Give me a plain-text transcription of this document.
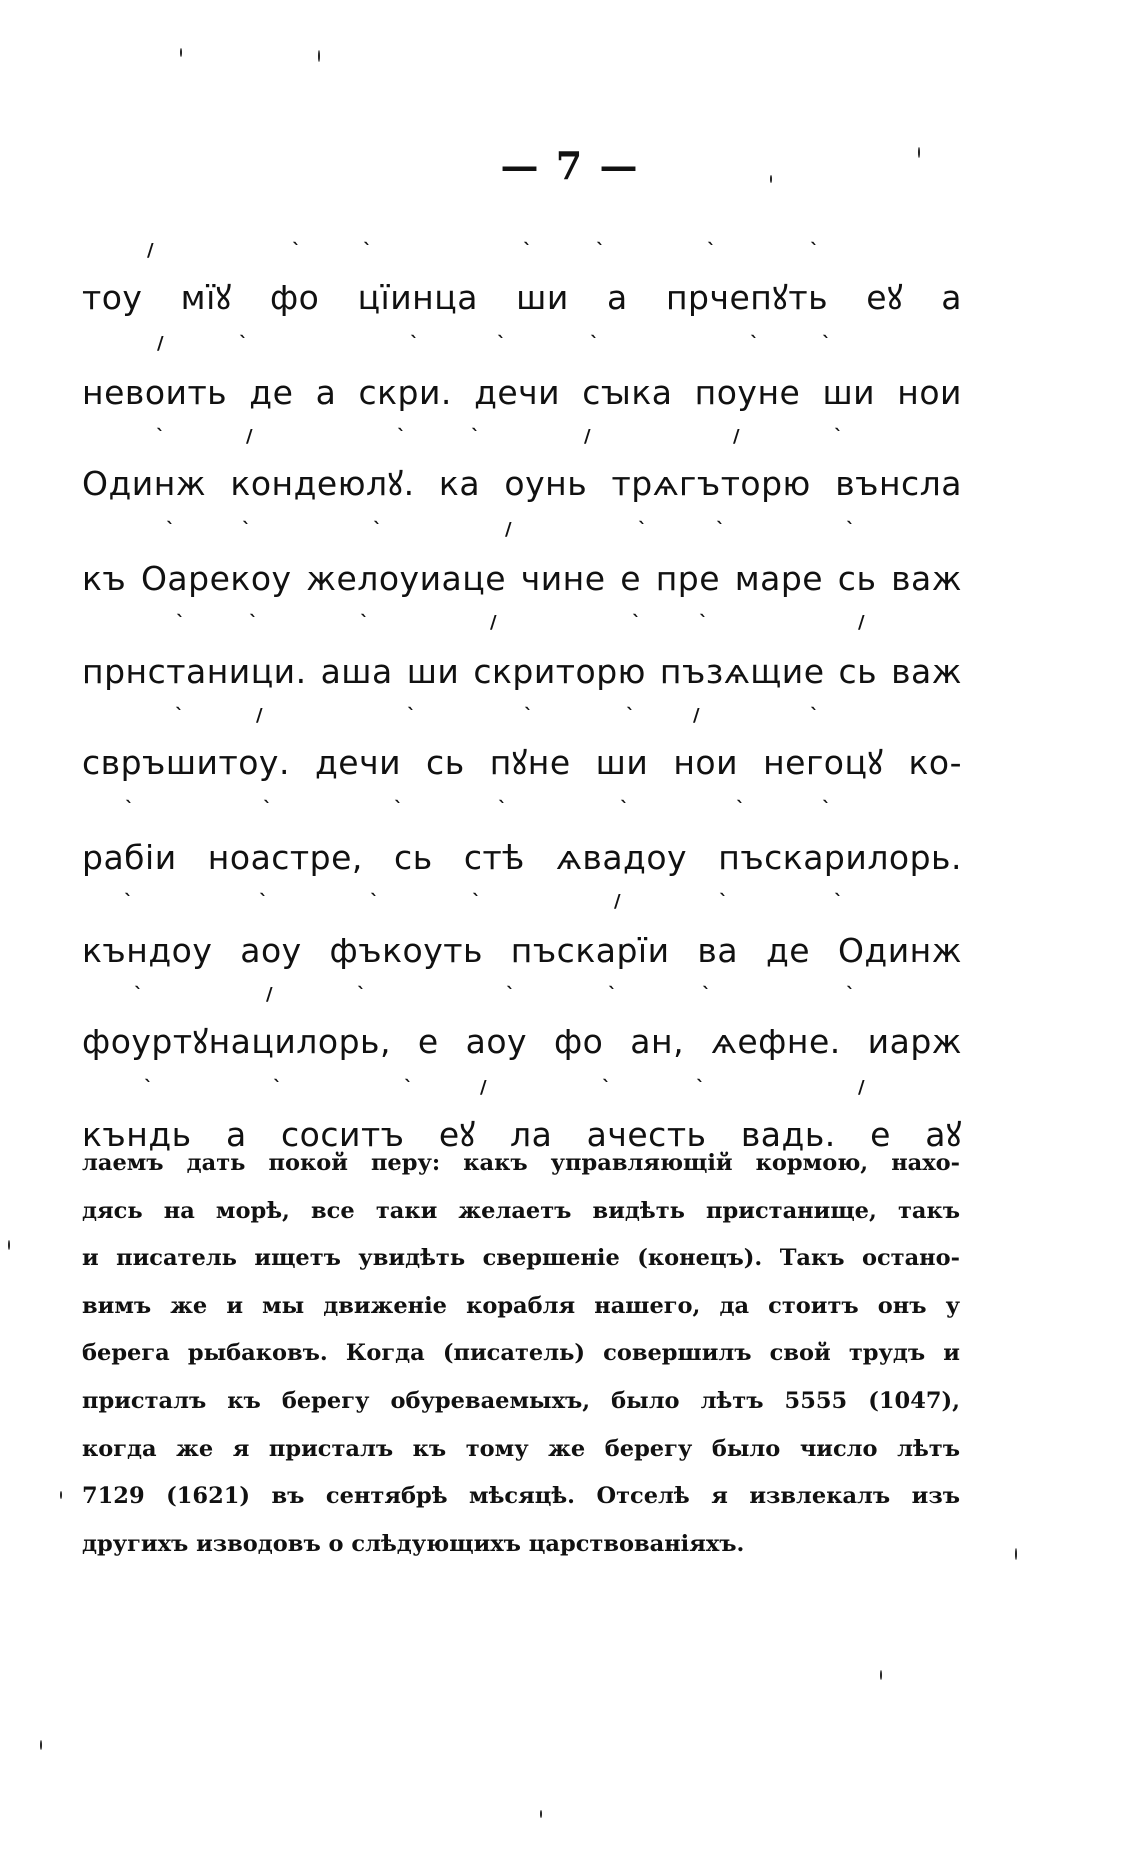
— 7 —
/	ˋ	ˋ	ˋ	ˋ	ˋ	ˋ
тоу мїꙋ фо цїинца ши а прчепꙋть еꙋ а
/	ˋ	ˋ	ˋ	ˋ	ˋ	ˋ
невоить де а скри. дечи сꙑка поуне ши нои
ˋ	/	ˋ	ˋ	/	/	ˋ
Одинж кондеюлꙋ. ка оунь трѧгъторю вънсла
ˋ	ˋ	ˋ	/	ˋ	ˋ	ˋ
къ Оарекоу желоуиаце чине е пре маре сь важ
ˋ	ˋ	ˋ	/	ˋ	ˋ	/
прнстаници. аша ши скриторю пъзѧщие сь важ
ˋ	/	ˋ	ˋ	ˋ	/	ˋ
свръшитоу. дечи сь пꙋне ши нои негоцꙋ ко-
ˋ	ˋ	ˋ	ˋ	ˋ	ˋ	ˋ
рабіи ноастре, сь стѣ ѧвадоу пъскарилорь.
ˋ	ˋ	ˋ	ˋ	/	ˋ	ˋ
къндоу аоу фъкоуть пъскарїи ва де Одинж
ˋ	/	ˋ	ˋ	ˋ	ˋ	ˋ
фоуртꙋнацилорь, е аоу фо ан, ѧефне. иарж
ˋ	ˋ	ˋ	/	ˋ	ˋ	/
къндь а соситъ еꙋ ла ачесть вадь. е аꙋ
лаемъ дать покой перу: какъ управляющій кормою, нахо-
дясь на морѣ, все таки желаетъ видѣть пристанище, такъ
и писатель ищетъ увидѣть свершеніе (конецъ). Такъ остано-
вимъ же и мы движеніе корабля нашего, да стоитъ онъ у
берега рыбаковъ. Когда (писатель) совершилъ свой трудъ и
присталъ къ берегу обуреваемыхъ, было лѣтъ 5555 (1047),
когда же я присталъ къ тому же берегу было число лѣтъ
7129 (1621) въ сентябрѣ мѣсяцѣ. Отселѣ я извлекалъ изъ
другихъ изводовъ о слѣдующихъ царствованіяхъ.
